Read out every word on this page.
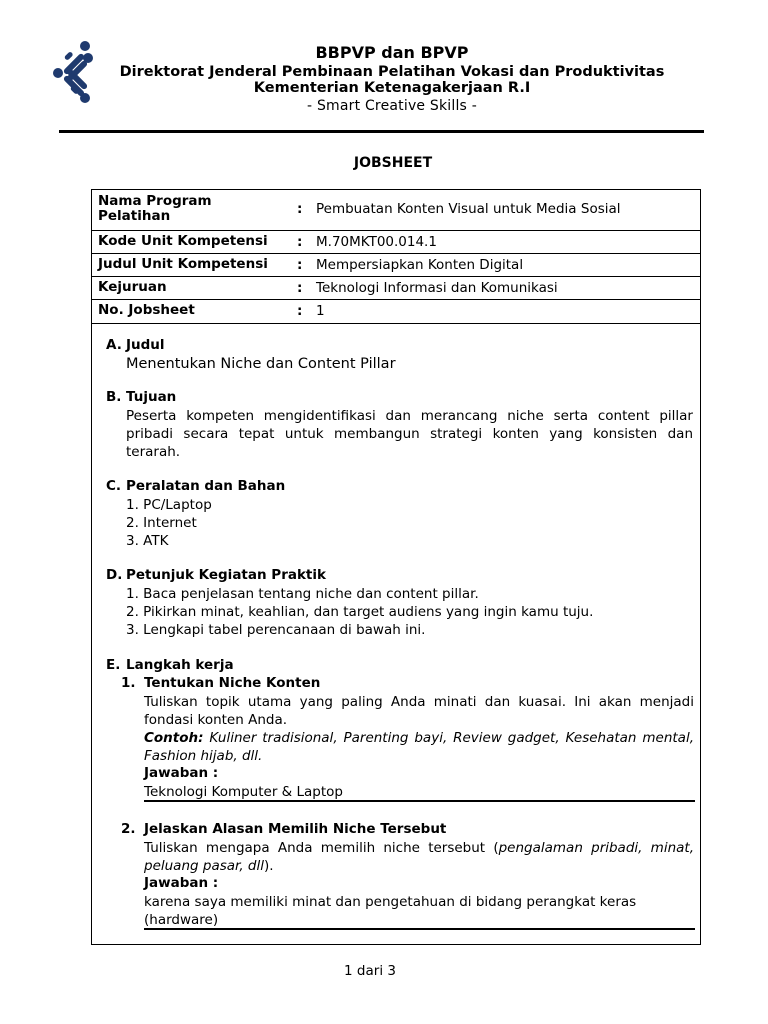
BBPVP dan BPVP
Direktorat Jenderal Pembinaan Pelatihan Vokasi dan Produktivitas
Kementerian Ketenagakerjaan R.I
- Smart Creative Skills -
JOBSHEET
Nama Program Pelatihan	: Pembuatan Konten Visual untuk Media Sosial
Kode Unit Kompetensi : M.70MKT00.014.1
Judul Unit Kompetensi : Mempersiapkan Konten Digital
Kejuruan	: Teknologi Informasi dan Komunikasi
No. Jobsheet	: 1
A. Judul
Menentukan Niche dan Content Pillar
B. Tujuan
Peserta kompeten mengidentifikasi dan merancang niche serta content pillar pribadi secara tepat untuk membangun strategi konten yang konsisten dan terarah.
C. Peralatan dan Bahan
1. PC/Laptop
2. Internet
3. ATK
D. Petunjuk Kegiatan Praktik
1. Baca penjelasan tentang niche dan content pillar.
2. Pikirkan minat, keahlian, dan target audiens yang ingin kamu tuju.
3. Lengkapi tabel perencanaan di bawah ini.
E. Langkah kerja
1. Tentukan Niche Konten
Tuliskan topik utama yang paling Anda minati dan kuasai. Ini akan menjadi fondasi konten Anda.
Contoh: Kuliner tradisional, Parenting bayi, Review gadget, Kesehatan mental, Fashion hijab, dll.
Jawaban :
Teknologi Komputer & Laptop
2. Jelaskan Alasan Memilih Niche Tersebut
Tuliskan mengapa Anda memilih niche tersebut (pengalaman pribadi, minat, peluang pasar, dll).
Jawaban :
karena saya memiliki minat dan pengetahuan di bidang perangkat keras (hardware)
1 dari 3
